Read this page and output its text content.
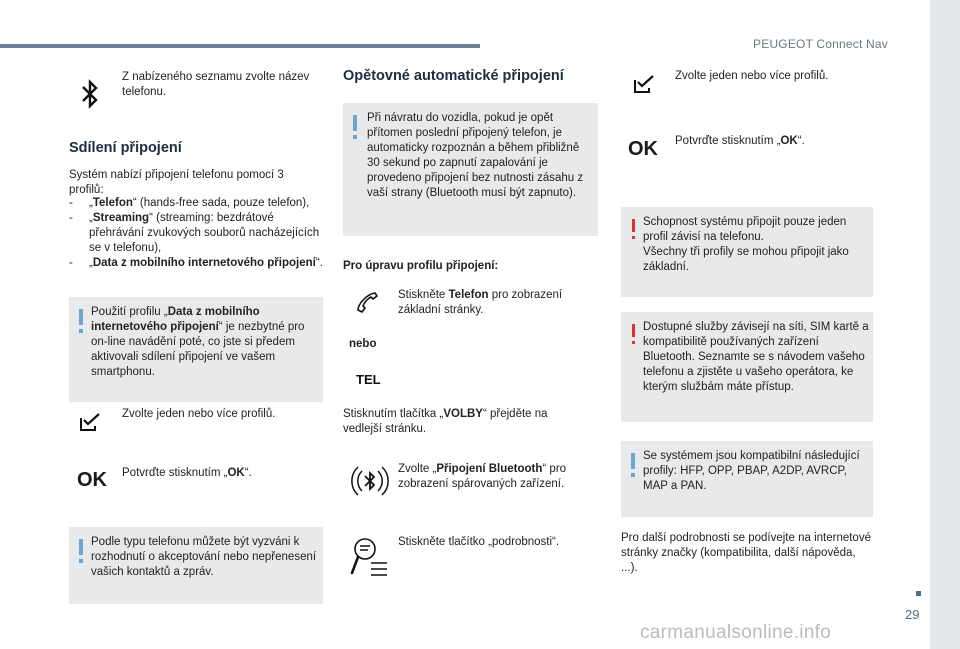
PEUGEOT Connect Nav
29
carmanualsonline.info
Z nabízeného seznamu zvolte název telefonu.
Sdílení připojení
Systém nabízí připojení telefonu pomocí 3 profilů:
- „Telefon“ (hands-free sada, pouze telefon),
- „Streaming“ (streaming: bezdrátové
přehrávání zvukových souborů nacházejících se v telefonu),
- „Data z mobilního internetového připojení“.
Použití profilu „Data z mobilního internetového připojení“ je nezbytné pro on-line navádění poté, co jste si předem aktivovali sdílení připojení ve vašem smartphonu.
Zvolte jeden nebo více profilů.
OK Potvrďte stisknutím „OK“.
Podle typu telefonu můžete být vyzváni k rozhodnutí o akceptování nebo nepřenesení vašich kontaktů a zpráv.
Opětovné automatické připojení
Při návratu do vozidla, pokud je opět přítomen poslední připojený telefon, je automaticky rozpoznán a během přibližně 30 sekund po zapnutí zapalování je provedeno připojení bez nutnosti zásahu z vaší strany (Bluetooth musí být zapnuto).
Pro úpravu profilu připojení:
Stiskněte Telefon pro zobrazení základní stránky.
nebo
TEL
Stisknutím tlačítka „VOLBY“ přejděte na vedlejší stránku.
Zvolte „Připojení Bluetooth“ pro zobrazení spárovaných zařízení.
Stiskněte tlačítko „podrobnosti“.
Zvolte jeden nebo více profilů.
OK Potvrďte stisknutím „OK“.
Schopnost systému připojit pouze jeden profil závisí na telefonu.
Všechny tři profily se mohou připojit jako základní.
Dostupné služby závisejí na síti, SIM kartě a kompatibilitě používaných zařízení Bluetooth. Seznamte se s návodem vašeho telefonu a zjistěte u vašeho operátora, ke kterým službám máte přístup.
Se systémem jsou kompatibilní následující profily: HFP, OPP, PBAP, A2DP, AVRCP, MAP a PAN.
Pro další podrobnosti se podívejte na internetové stránky značky (kompatibilita, další nápověda, ...).
